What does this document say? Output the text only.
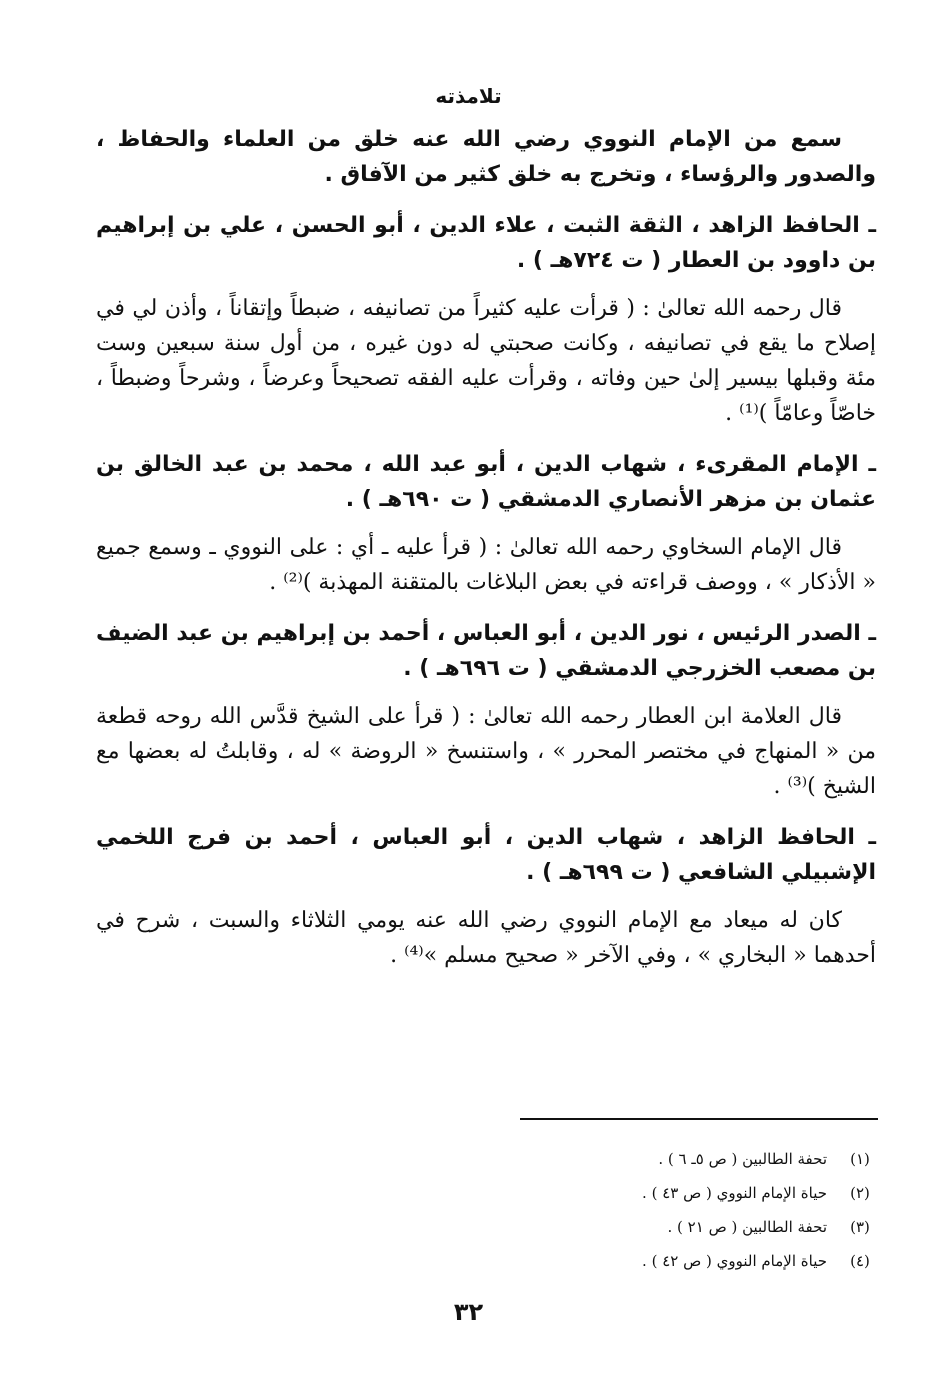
تلامذته

سمع من الإمام النووي رضي الله عنه خلق من العلماء والحفاظ ، والصدور والرؤساء ، وتخرج به خلق كثير من الآفاق .

ـ الحافظ الزاهد ، الثقة الثبت ، علاء الدين ، أبو الحسن ، علي بن إبراهيم بن داوود بن العطار ( ت ٧٢٤هـ ) .

قال رحمه الله تعالىٰ : ( قرأت عليه كثيراً من تصانيفه ، ضبطاً وإتقاناً ، وأذن لي في إصلاح ما يقع في تصانيفه ، وكانت صحبتي له دون غيره ، من أول سنة سبعين وست مئة وقبلها بيسير إلىٰ حين وفاته ، وقرأت عليه الفقه تصحيحاً وعرضاً ، وشرحاً وضبطاً ، خاصّاً وعامّاً )⁽¹⁾ .

ـ الإمام المقرىء ، شهاب الدين ، أبو عبد الله ، محمد بن عبد الخالق بن عثمان بن مزهر الأنصاري الدمشقي ( ت ٦٩٠هـ ) .

قال الإمام السخاوي رحمه الله تعالىٰ : ( قرأ عليه ـ أي : على النووي ـ وسمع جميع « الأذكار » ، ووصف قراءته في بعض البلاغات بالمتقنة المهذبة )⁽²⁾ .

ـ الصدر الرئيس ، نور الدين ، أبو العباس ، أحمد بن إبراهيم بن عبد الضيف بن مصعب الخزرجي الدمشقي ( ت ٦٩٦هـ ) .

قال العلامة ابن العطار رحمه الله تعالىٰ : ( قرأ على الشيخ قدَّس الله روحه قطعة من « المنهاج في مختصر المحرر » ، واستنسخ « الروضة » له ، وقابلتُ له بعضها مع الشيخ )⁽³⁾ .

ـ الحافظ الزاهد ، شهاب الدين ، أبو العباس ، أحمد بن فرج اللخمي الإشبيلي الشافعي ( ت ٦٩٩هـ ) .

كان له ميعاد مع الإمام النووي رضي الله عنه يومي الثلاثاء والسبت ، شرح في أحدهما « البخاري » ، وفي الآخر « صحيح مسلم »⁽⁴⁾ .

(١)
تحفة الطالبين ( ص ٥ـ ٦ ) .
(٢)
حياة الإمام النووي ( ص ٤٣ ) .
(٣)
تحفة الطالبين ( ص ٢١ ) .
(٤)
حياة الإمام النووي ( ص ٤٢ ) .
٣٢
